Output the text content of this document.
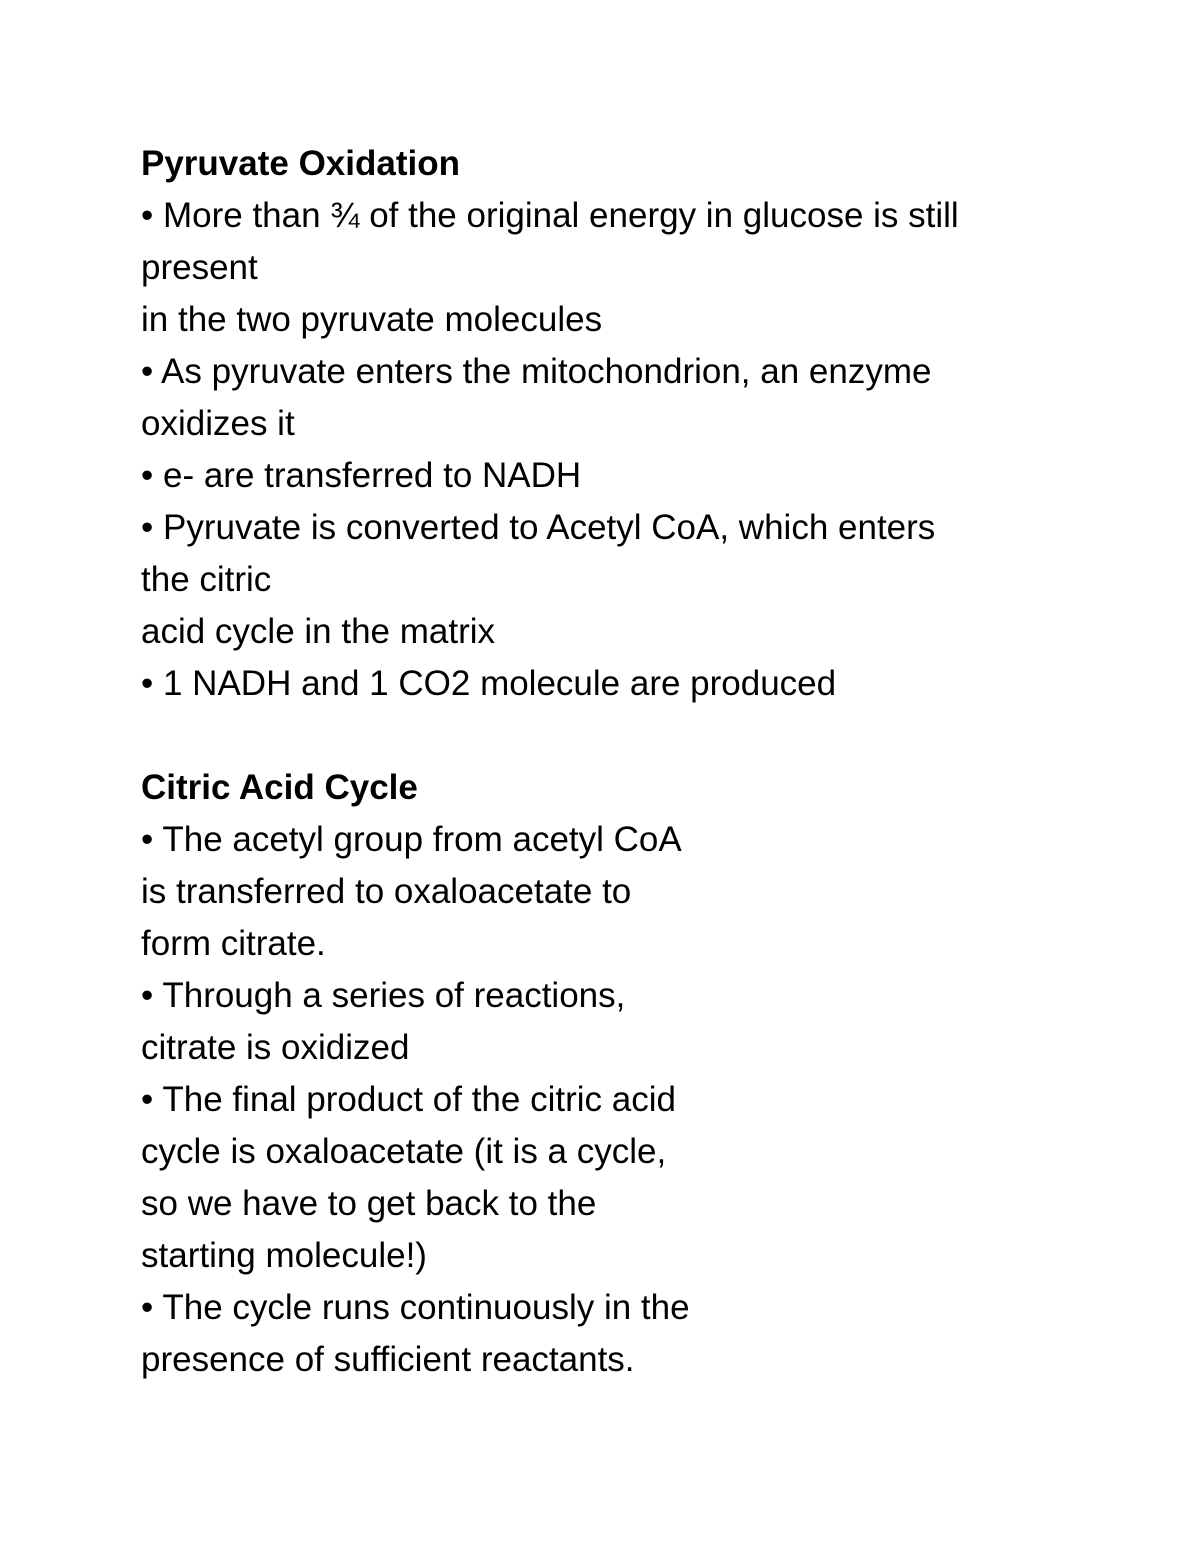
Pyruvate Oxidation
• More than ¾ of the original energy in glucose is still
present
in the two pyruvate molecules
• As pyruvate enters the mitochondrion, an enzyme
oxidizes it
• e- are transferred to NADH
• Pyruvate is converted to Acetyl CoA, which enters
the citric
acid cycle in the matrix
• 1 NADH and 1 CO2 molecule are produced
Citric Acid Cycle
• The acetyl group from acetyl CoA
is transferred to oxaloacetate to
form citrate.
• Through a series of reactions,
citrate is oxidized
• The final product of the citric acid
cycle is oxaloacetate (it is a cycle,
so we have to get back to the
starting molecule!)
• The cycle runs continuously in the
presence of sufficient reactants.
